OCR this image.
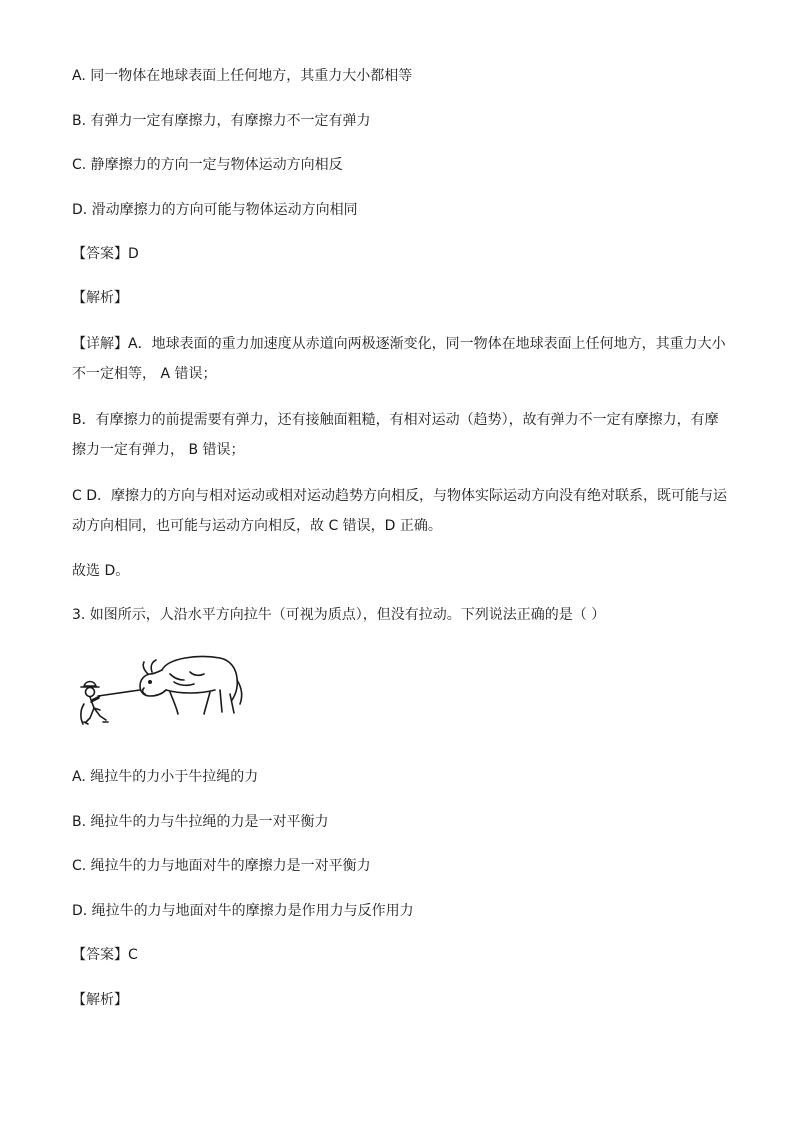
A. 同一物体在地球表面上任何地方，其重力大小都相等

B. 有弹力一定有摩擦力，有摩擦力不一定有弹力

C. 静摩擦力的方向一定与物体运动方向相反

D. 滑动摩擦力的方向可能与物体运动方向相同

【答案】D

【解析】

【详解】A．地球表面的重力加速度从赤道向两极逐渐变化，同一物体在地球表面上任何地方，其重力大小

不一定相等， A 错误；

B．有摩擦力的前提需要有弹力，还有接触面粗糙，有相对运动（趋势），故有弹力不一定有摩擦力，有摩

擦力一定有弹力， B 错误；

C D．摩擦力的方向与相对运动或相对运动趋势方向相反，与物体实际运动方向没有绝对联系，既可能与运

动方向相同，也可能与运动方向相反，故 C 错误，D 正确。

故选 D。

3. 如图所示，人沿水平方向拉牛（可视为质点），但没有拉动。下列说法正确的是（ ）

A. 绳拉牛的力小于牛拉绳的力

B. 绳拉牛的力与牛拉绳的力是一对平衡力

C. 绳拉牛的力与地面对牛的摩擦力是一对平衡力

D. 绳拉牛的力与地面对牛的摩擦力是作用力与反作用力

【答案】C

【解析】
